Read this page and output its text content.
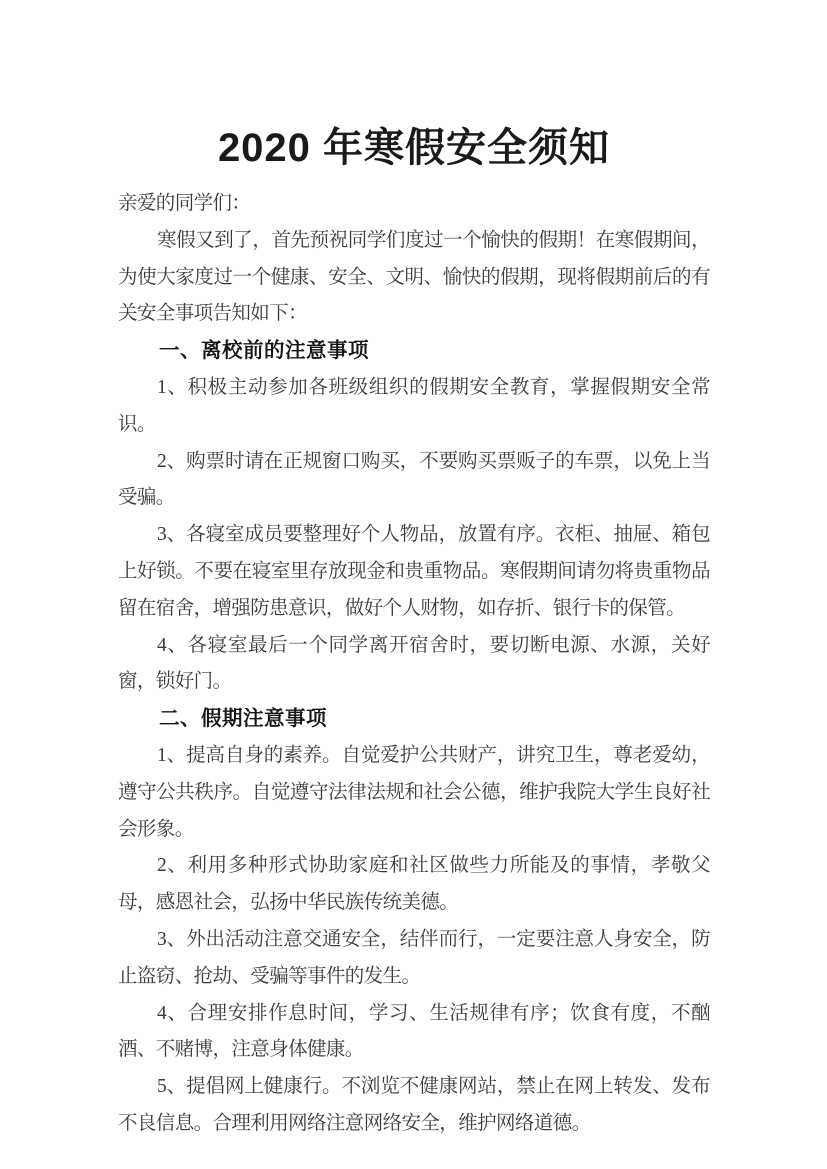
2020 年寒假安全须知

亲爱的同学们：

寒假又到了，首先预祝同学们度过一个愉快的假期！在寒假期间，为使大家度过一个健康、安全、文明、愉快的假期，现将假期前后的有关安全事项告知如下：

一、离校前的注意事项

1、积极主动参加各班级组织的假期安全教育，掌握假期安全常识。

2、购票时请在正规窗口购买，不要购买票贩子的车票，以免上当受骗。

3、各寝室成员要整理好个人物品，放置有序。衣柜、抽屉、箱包上好锁。不要在寝室里存放现金和贵重物品。寒假期间请勿将贵重物品留在宿舍，增强防患意识，做好个人财物，如存折、银行卡的保管。

4、各寝室最后一个同学离开宿舍时，要切断电源、水源，关好窗，锁好门。

二、假期注意事项

1、提高自身的素养。自觉爱护公共财产，讲究卫生，尊老爱幼，遵守公共秩序。自觉遵守法律法规和社会公德，维护我院大学生良好社会形象。

2、利用多种形式协助家庭和社区做些力所能及的事情，孝敬父母，感恩社会，弘扬中华民族传统美德。

3、外出活动注意交通安全，结伴而行，一定要注意人身安全，防止盗窃、抢劫、受骗等事件的发生。

4、合理安排作息时间，学习、生活规律有序；饮食有度，不酗酒、不赌博，注意身体健康。

5、提倡网上健康行。不浏览不健康网站，禁止在网上转发、发布不良信息。合理利用网络注意网络安全，维护网络道德。
